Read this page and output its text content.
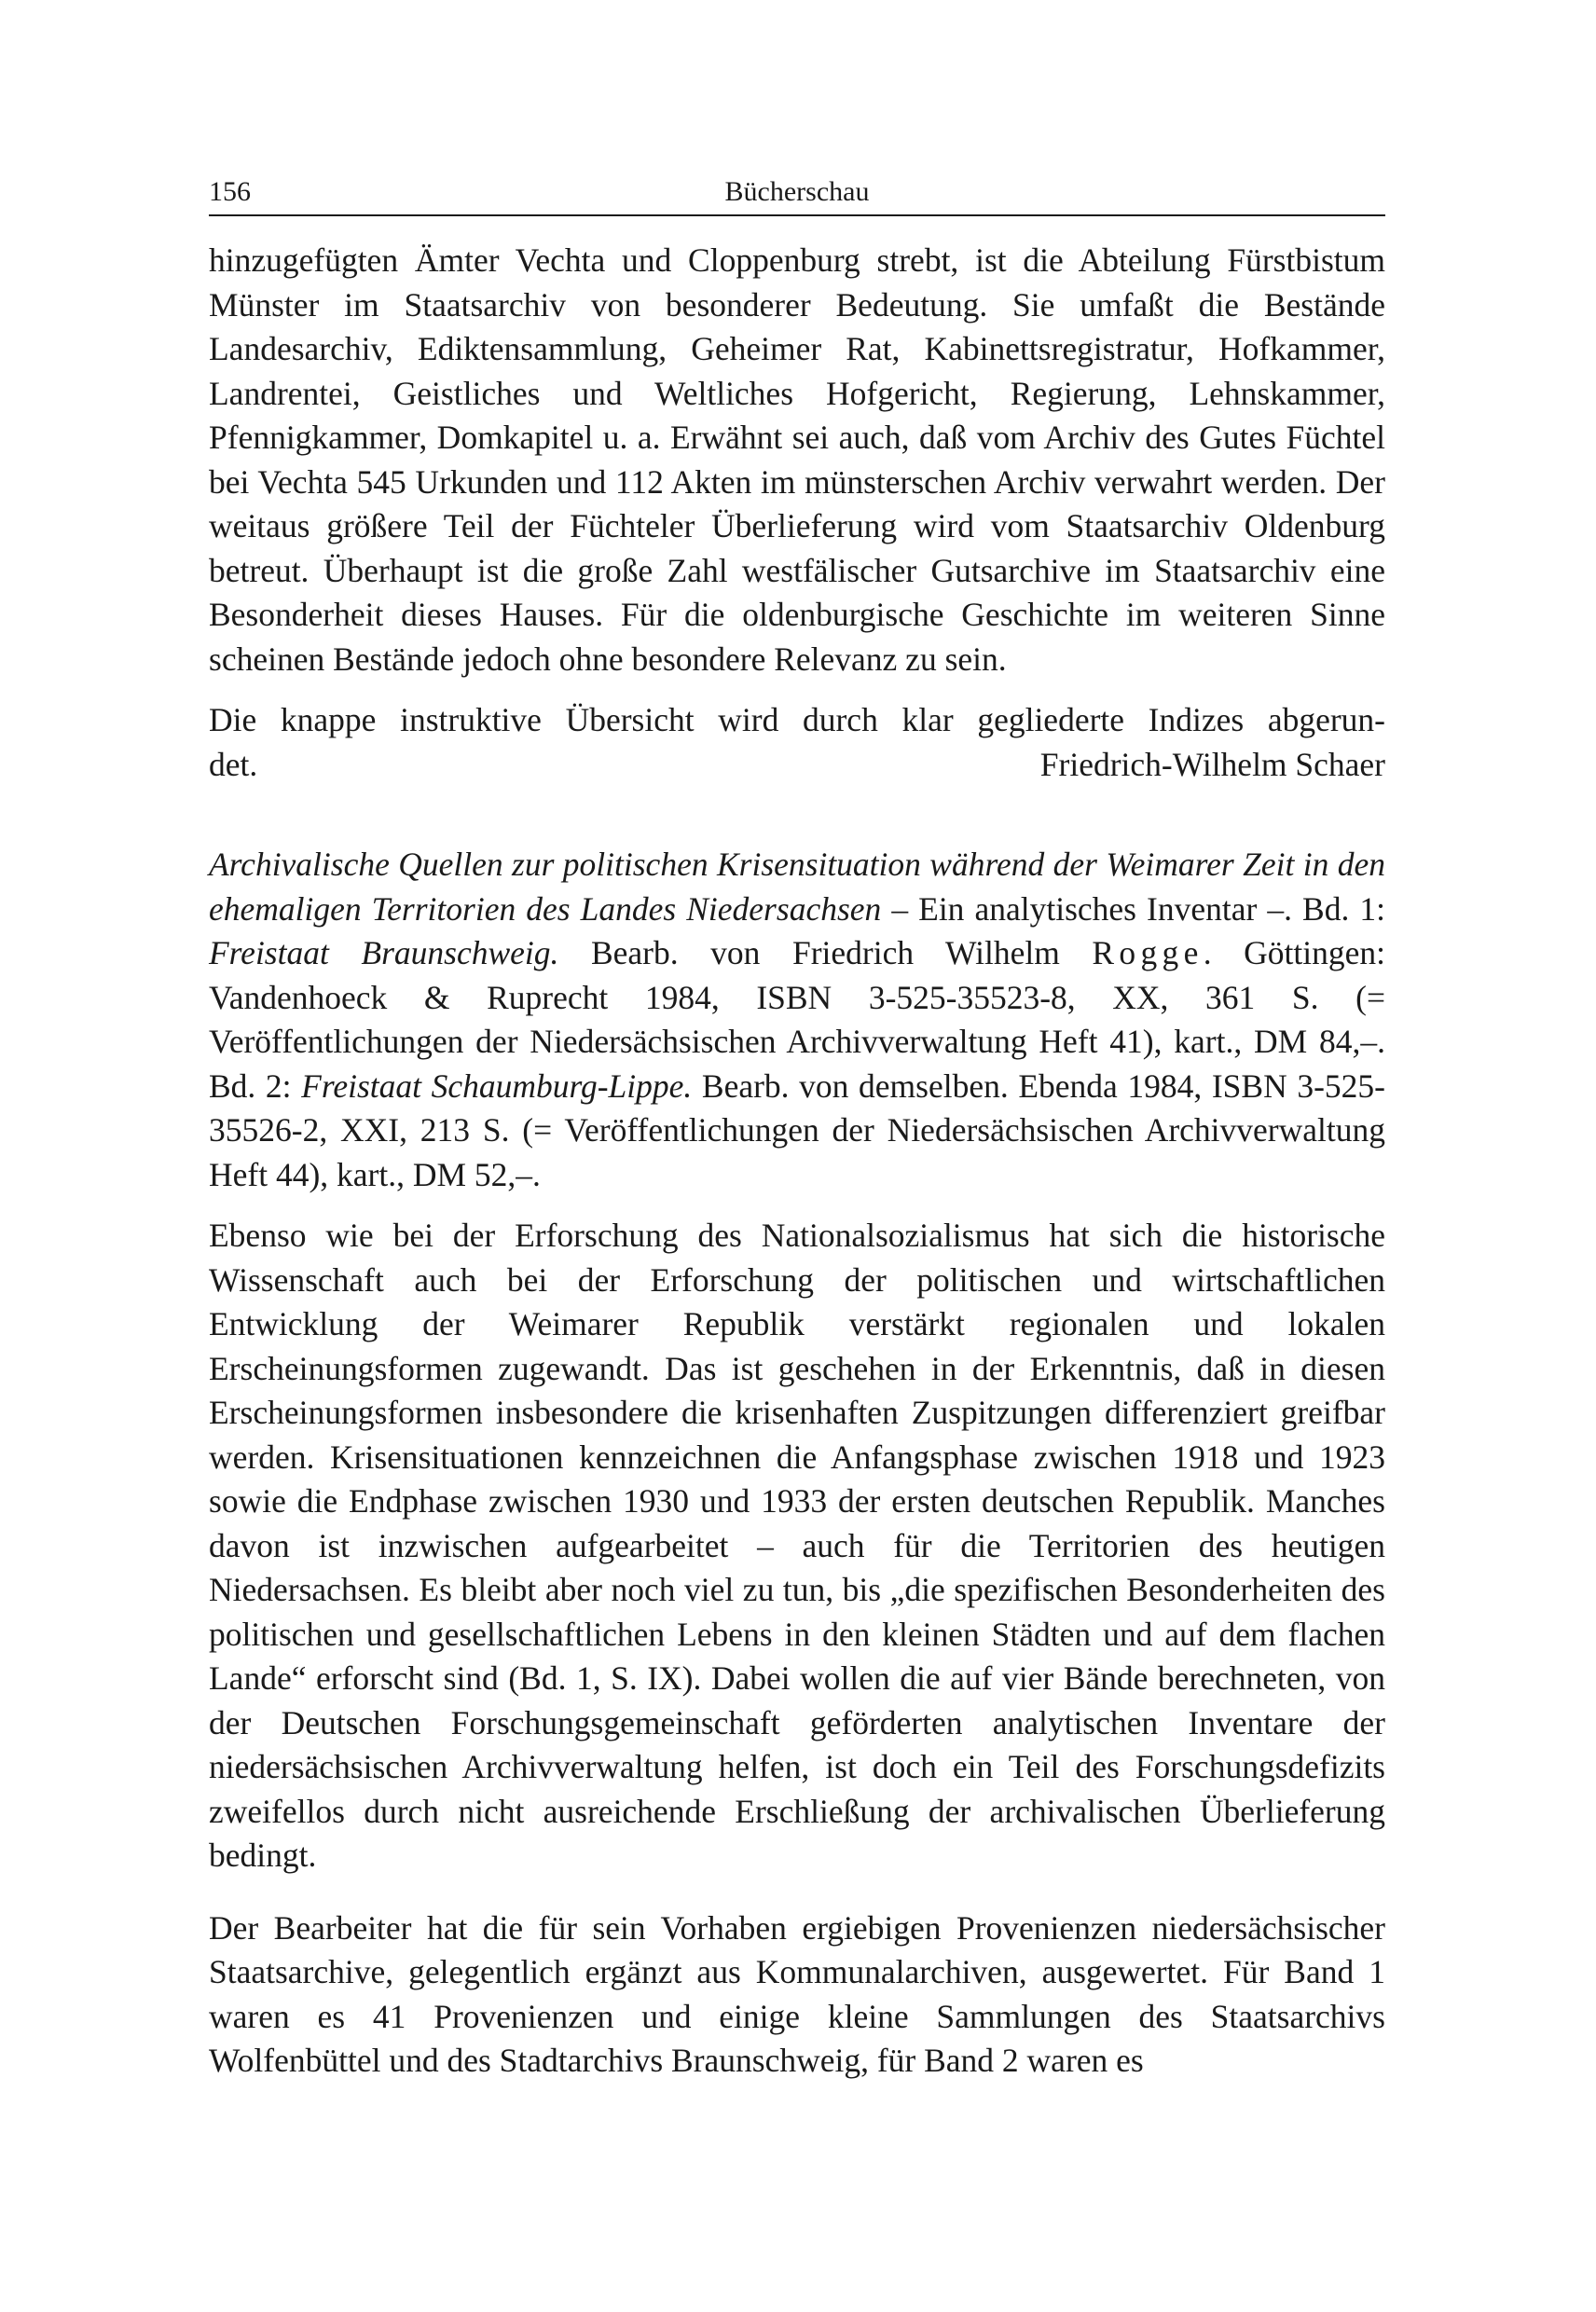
156	Bücherschau

hinzugefügten Ämter Vechta und Cloppenburg strebt, ist die Abteilung Fürstbistum Münster im Staatsarchiv von besonderer Bedeutung. Sie umfaßt die Bestände Landesarchiv, Ediktensammlung, Geheimer Rat, Kabinettsregistratur, Hofkammer, Landrentei, Geistliches und Weltliches Hofgericht, Regierung, Lehnskammer, Pfennigkammer, Domkapitel u. a. Erwähnt sei auch, daß vom Archiv des Gutes Füchtel bei Vechta 545 Urkunden und 112 Akten im münsterschen Archiv verwahrt werden. Der weitaus größere Teil der Füchteler Überlieferung wird vom Staatsarchiv Oldenburg betreut. Überhaupt ist die große Zahl westfälischer Gutsarchive im Staatsarchiv eine Besonderheit dieses Hauses. Für die oldenburgische Geschichte im weiteren Sinne scheinen Bestände jedoch ohne besondere Relevanz zu sein.

Die knappe instruktive Übersicht wird durch klar gegliederte Indizes abgerun-

det.	Friedrich-Wilhelm Schaer

Archivalische Quellen zur politischen Krisensituation während der Weimarer Zeit in den ehemaligen Territorien des Landes Niedersachsen – Ein analytisches Inventar –. Bd. 1: Freistaat Braunschweig. Bearb. von Friedrich Wilhelm Rogge. Göttingen: Vandenhoeck & Ruprecht 1984, ISBN 3-525-35523-8, XX, 361 S. (= Veröffentlichungen der Niedersächsischen Archivverwaltung Heft 41), kart., DM 84,–. Bd. 2: Freistaat Schaumburg-Lippe. Bearb. von demselben. Ebenda 1984, ISBN 3-525-35526-2, XXI, 213 S. (= Veröffentlichungen der Niedersächsischen Archivverwaltung Heft 44), kart., DM 52,–.

Ebenso wie bei der Erforschung des Nationalsozialismus hat sich die historische Wissenschaft auch bei der Erforschung der politischen und wirtschaftlichen Entwicklung der Weimarer Republik verstärkt regionalen und lokalen Erscheinungsformen zugewandt. Das ist geschehen in der Erkenntnis, daß in diesen Erscheinungsformen insbesondere die krisenhaften Zuspitzungen differenziert greifbar werden. Krisensituationen kennzeichnen die Anfangsphase zwischen 1918 und 1923 sowie die Endphase zwischen 1930 und 1933 der ersten deutschen Republik. Manches davon ist inzwischen aufgearbeitet – auch für die Territorien des heutigen Niedersachsen. Es bleibt aber noch viel zu tun, bis „die spezifischen Besonderheiten des politischen und gesellschaftlichen Lebens in den kleinen Städten und auf dem flachen Lande“ erforscht sind (Bd. 1, S. IX). Dabei wollen die auf vier Bände berechneten, von der Deutschen Forschungsgemeinschaft geförderten analytischen Inventare der niedersächsischen Archivverwaltung helfen, ist doch ein Teil des Forschungsdefizits zweifellos durch nicht ausreichende Erschließung der archivalischen Überlieferung bedingt.

Der Bearbeiter hat die für sein Vorhaben ergiebigen Provenienzen niedersächsischer Staatsarchive, gelegentlich ergänzt aus Kommunalarchiven, ausgewertet. Für Band 1 waren es 41 Provenienzen und einige kleine Sammlungen des Staatsarchivs Wolfenbüttel und des Stadtarchivs Braunschweig, für Band 2 waren es
